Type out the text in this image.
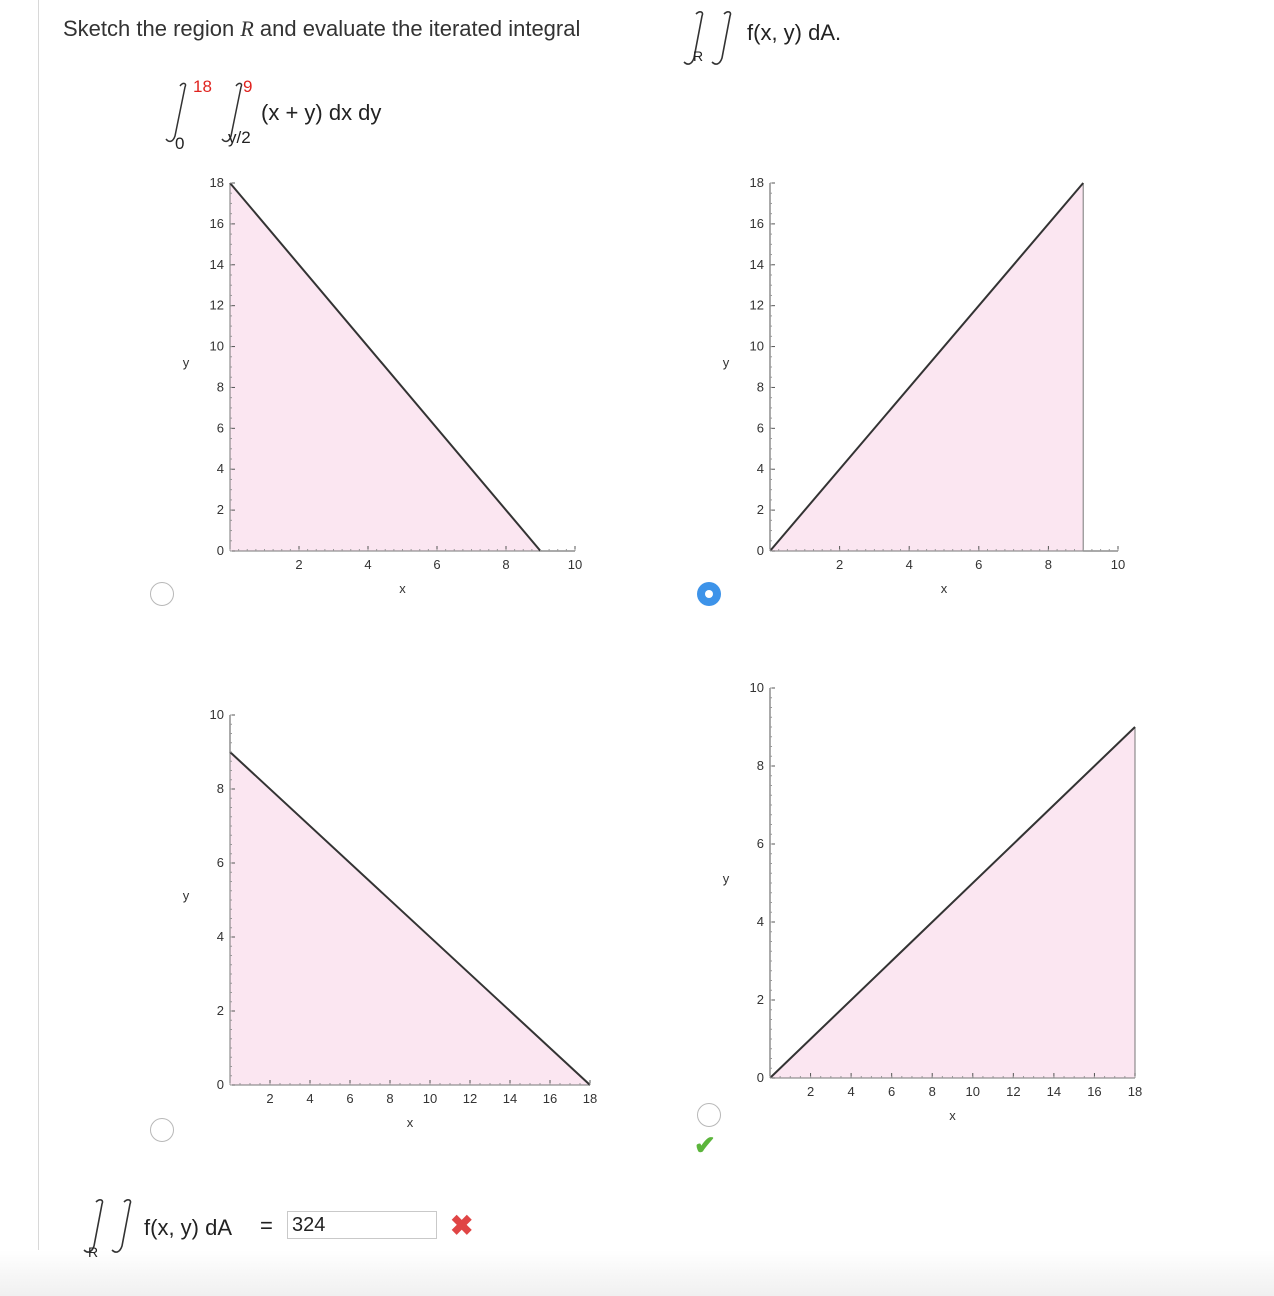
Sketch the region R and evaluate the iterated integral
R
f(x, y) dA.
18
0
9
y/2
(x + y) dx dy
2	4	6	8	10
0
2
4
6
8
10
12
14
16
18
x
y
2	4	6	8	10
0
2
4
6
8
10
12
14
16
18
x
y
2	4	6	8 10 12 14 16 18
0
2
4
6
8
10
x
y
2	4	6	8 10 12 14 16 18
0
2
4
6
8
10
x
y
✔
R
f(x, y) dA =
324	✖
